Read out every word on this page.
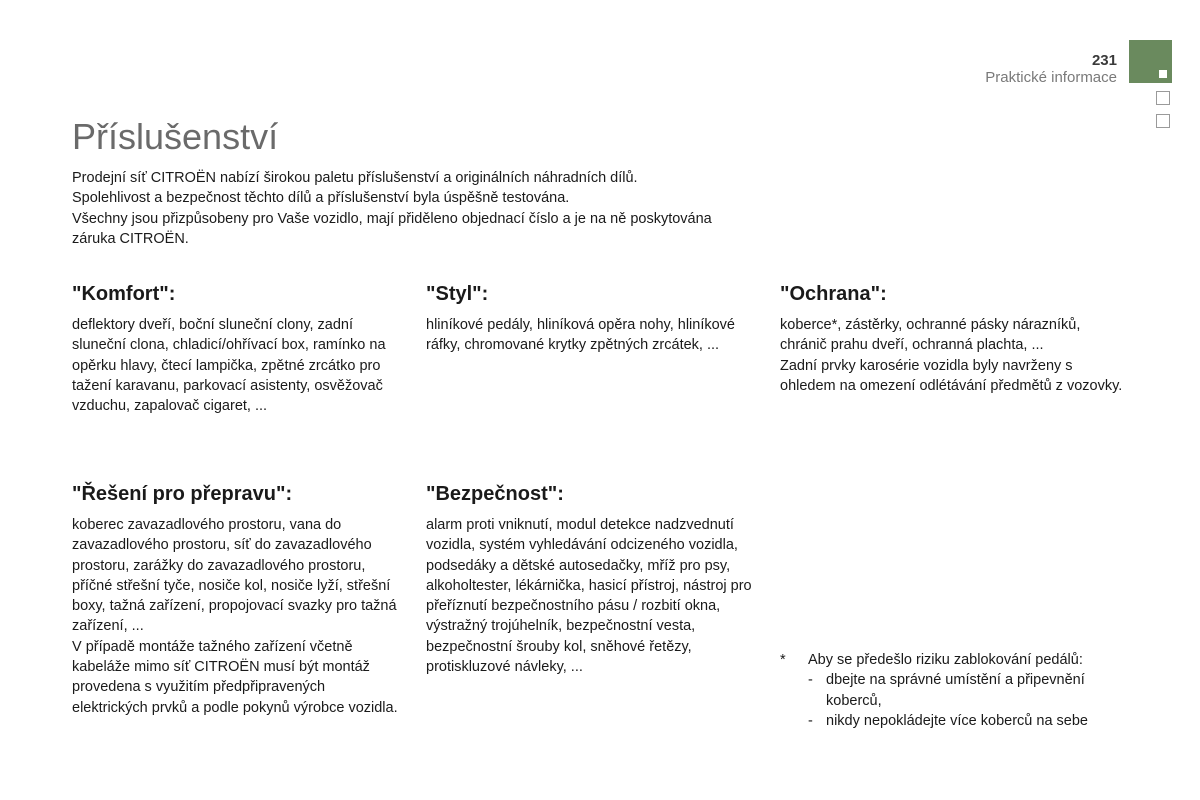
231
Praktické informace
Příslušenství

Prodejní síť CITROËN nabízí širokou paletu příslušenství a originálních náhradních dílů.

Spolehlivost a bezpečnost těchto dílů a příslušenství byla úspěšně testována.

Všechny jsou přizpůsobeny pro Vaše vozidlo, mají přiděleno objednací číslo a je na ně poskytována záruka CITROËN.

"Komfort":
deflektory dveří, boční sluneční clony, zadní sluneční clona, chladicí/ohřívací box, ramínko na opěrku hlavy, čtecí lampička, zpětné zrcátko pro tažení karavanu, parkovací asistenty, osvěžovač vzduchu, zapalovač cigaret, ...
"Styl":
hliníkové pedály, hliníková opěra nohy, hliníkové ráfky, chromované krytky zpětných zrcátek, ...
"Ochrana":
koberce*, zástěrky, ochranné pásky nárazníků, chránič prahu dveří, ochranná plachta, ...
Zadní prvky karosérie vozidla byly navrženy s ohledem na omezení odlétávání předmětů z vozovky.
"Řešení pro přepravu":
koberec zavazadlového prostoru, vana do zavazadlového prostoru, síť do zavazadlového prostoru, zarážky do zavazadlového prostoru, příčné střešní tyče, nosiče kol, nosiče lyží, střešní boxy, tažná zařízení, propojovací svazky pro tažná zařízení, ...
V případě montáže tažného zařízení včetně kabeláže mimo síť CITROËN musí být montáž provedena s využitím předpřipravených elektrických prvků a podle pokynů výrobce vozidla.
"Bezpečnost":
alarm proti vniknutí, modul detekce nadzvednutí vozidla, systém vyhledávání odcizeného vozidla, podsedáky a dětské autosedačky, mříž pro psy, alkoholtester, lékárnička, hasicí přístroj, nástroj pro přeříznutí bezpečnostního pásu / rozbití okna, výstražný trojúhelník, bezpečnostní vesta, bezpečnostní šrouby kol, sněhové řetězy, protiskluzové návleky, ...	*	Aby se předešlo riziku zablokování pedálů:
- dbejte na správné umístění a připevnění koberců,
- nikdy nepokládejte více koberců na sebe
